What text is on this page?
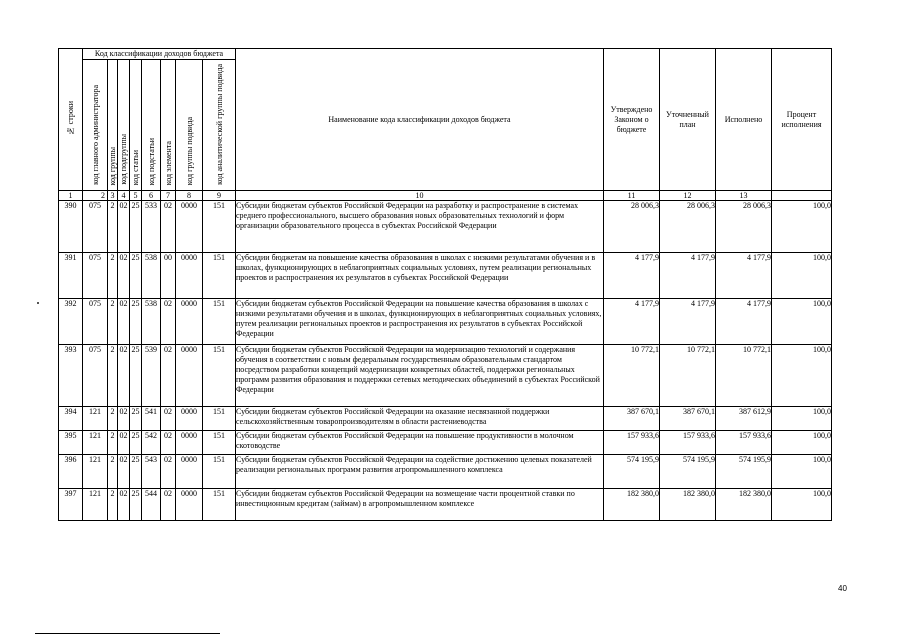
№ строки	Код классификации доходов бюджета								Наименование кода классификации доходов бюджета	Утверждено Законом о бюджете	Уточненный план	Исполнено	Процент исполнения
	код главного администратора	код группы	код подгруппы	код статьи	код подстатьи	код элемента	код группы подвида	код аналитической группы подвида					
1	2	3	4	5	6	7	8	9	10	11	12	13	
390	075	2	02	25	533	02	0000	151	Субсидии бюджетам субъектов Российской Федерации на разработку и распространение в системах среднего профессионального, высшего образования новых образовательных технологий и форм организации образовательного процесса в субъектах Российской Федерации	28 006,3	28 006,3	28 006,3	100,0
391	075	2	02	25	538	00	0000	151	Субсидии бюджетам на повышение качества образования в школах с низкими результатами обучения и в школах, функционирующих в неблагоприятных социальных условиях, путем реализации региональных проектов и распространения их результатов в субъектах Российской Федерации	4 177,9	4 177,9	4 177,9	100,0
392	075	2	02	25	538	02	0000	151	Субсидии бюджетам субъектов Российской Федерации на повышение качества образования в школах с низкими результатами обучения и в школах, функционирующих в неблагоприятных социальных условиях, путем реализации региональных проектов и распространения их результатов в субъектах Российской Федерации	4 177,9	4 177,9	4 177,9	100,0
393	075	2	02	25	539	02	0000	151	Субсидии бюджетам субъектов Российской Федерации на модернизацию технологий и содержания обучения в соответствии с новым федеральным государственным образовательным стандартом посредством разработки концепций модернизации конкретных областей, поддержки региональных программ развития образования и поддержки сетевых методических объединений в субъектах Российской Федерации	10 772,1	10 772,1	10 772,1	100,0
394	121	2	02	25	541	02	0000	151	Субсидии бюджетам субъектов Российской Федерации на оказание несвязанной поддержки сельскохозяйственным товаропроизводителям в области растениеводства	387 670,1	387 670,1	387 612,9	100,0
395	121	2	02	25	542	02	0000	151	Субсидии бюджетам субъектов Российской Федерации на повышение продуктивности в молочном скотоводстве	157 933,6	157 933,6	157 933,6	100,0
396	121	2	02	25	543	02	0000	151	Субсидии бюджетам субъектов Российской Федерации на содействие достижению целевых показателей реализации региональных программ развития агропромышленного комплекса	574 195,9	574 195,9	574 195,9	100,0
397	121	2	02	25	544	02	0000	151	Субсидии бюджетам субъектов Российской Федерации на возмещение части процентной ставки по инвестиционным кредитам (займам) в агропромышленном комплексе	182 380,0	182 380,0	182 380,0	100,0
40
